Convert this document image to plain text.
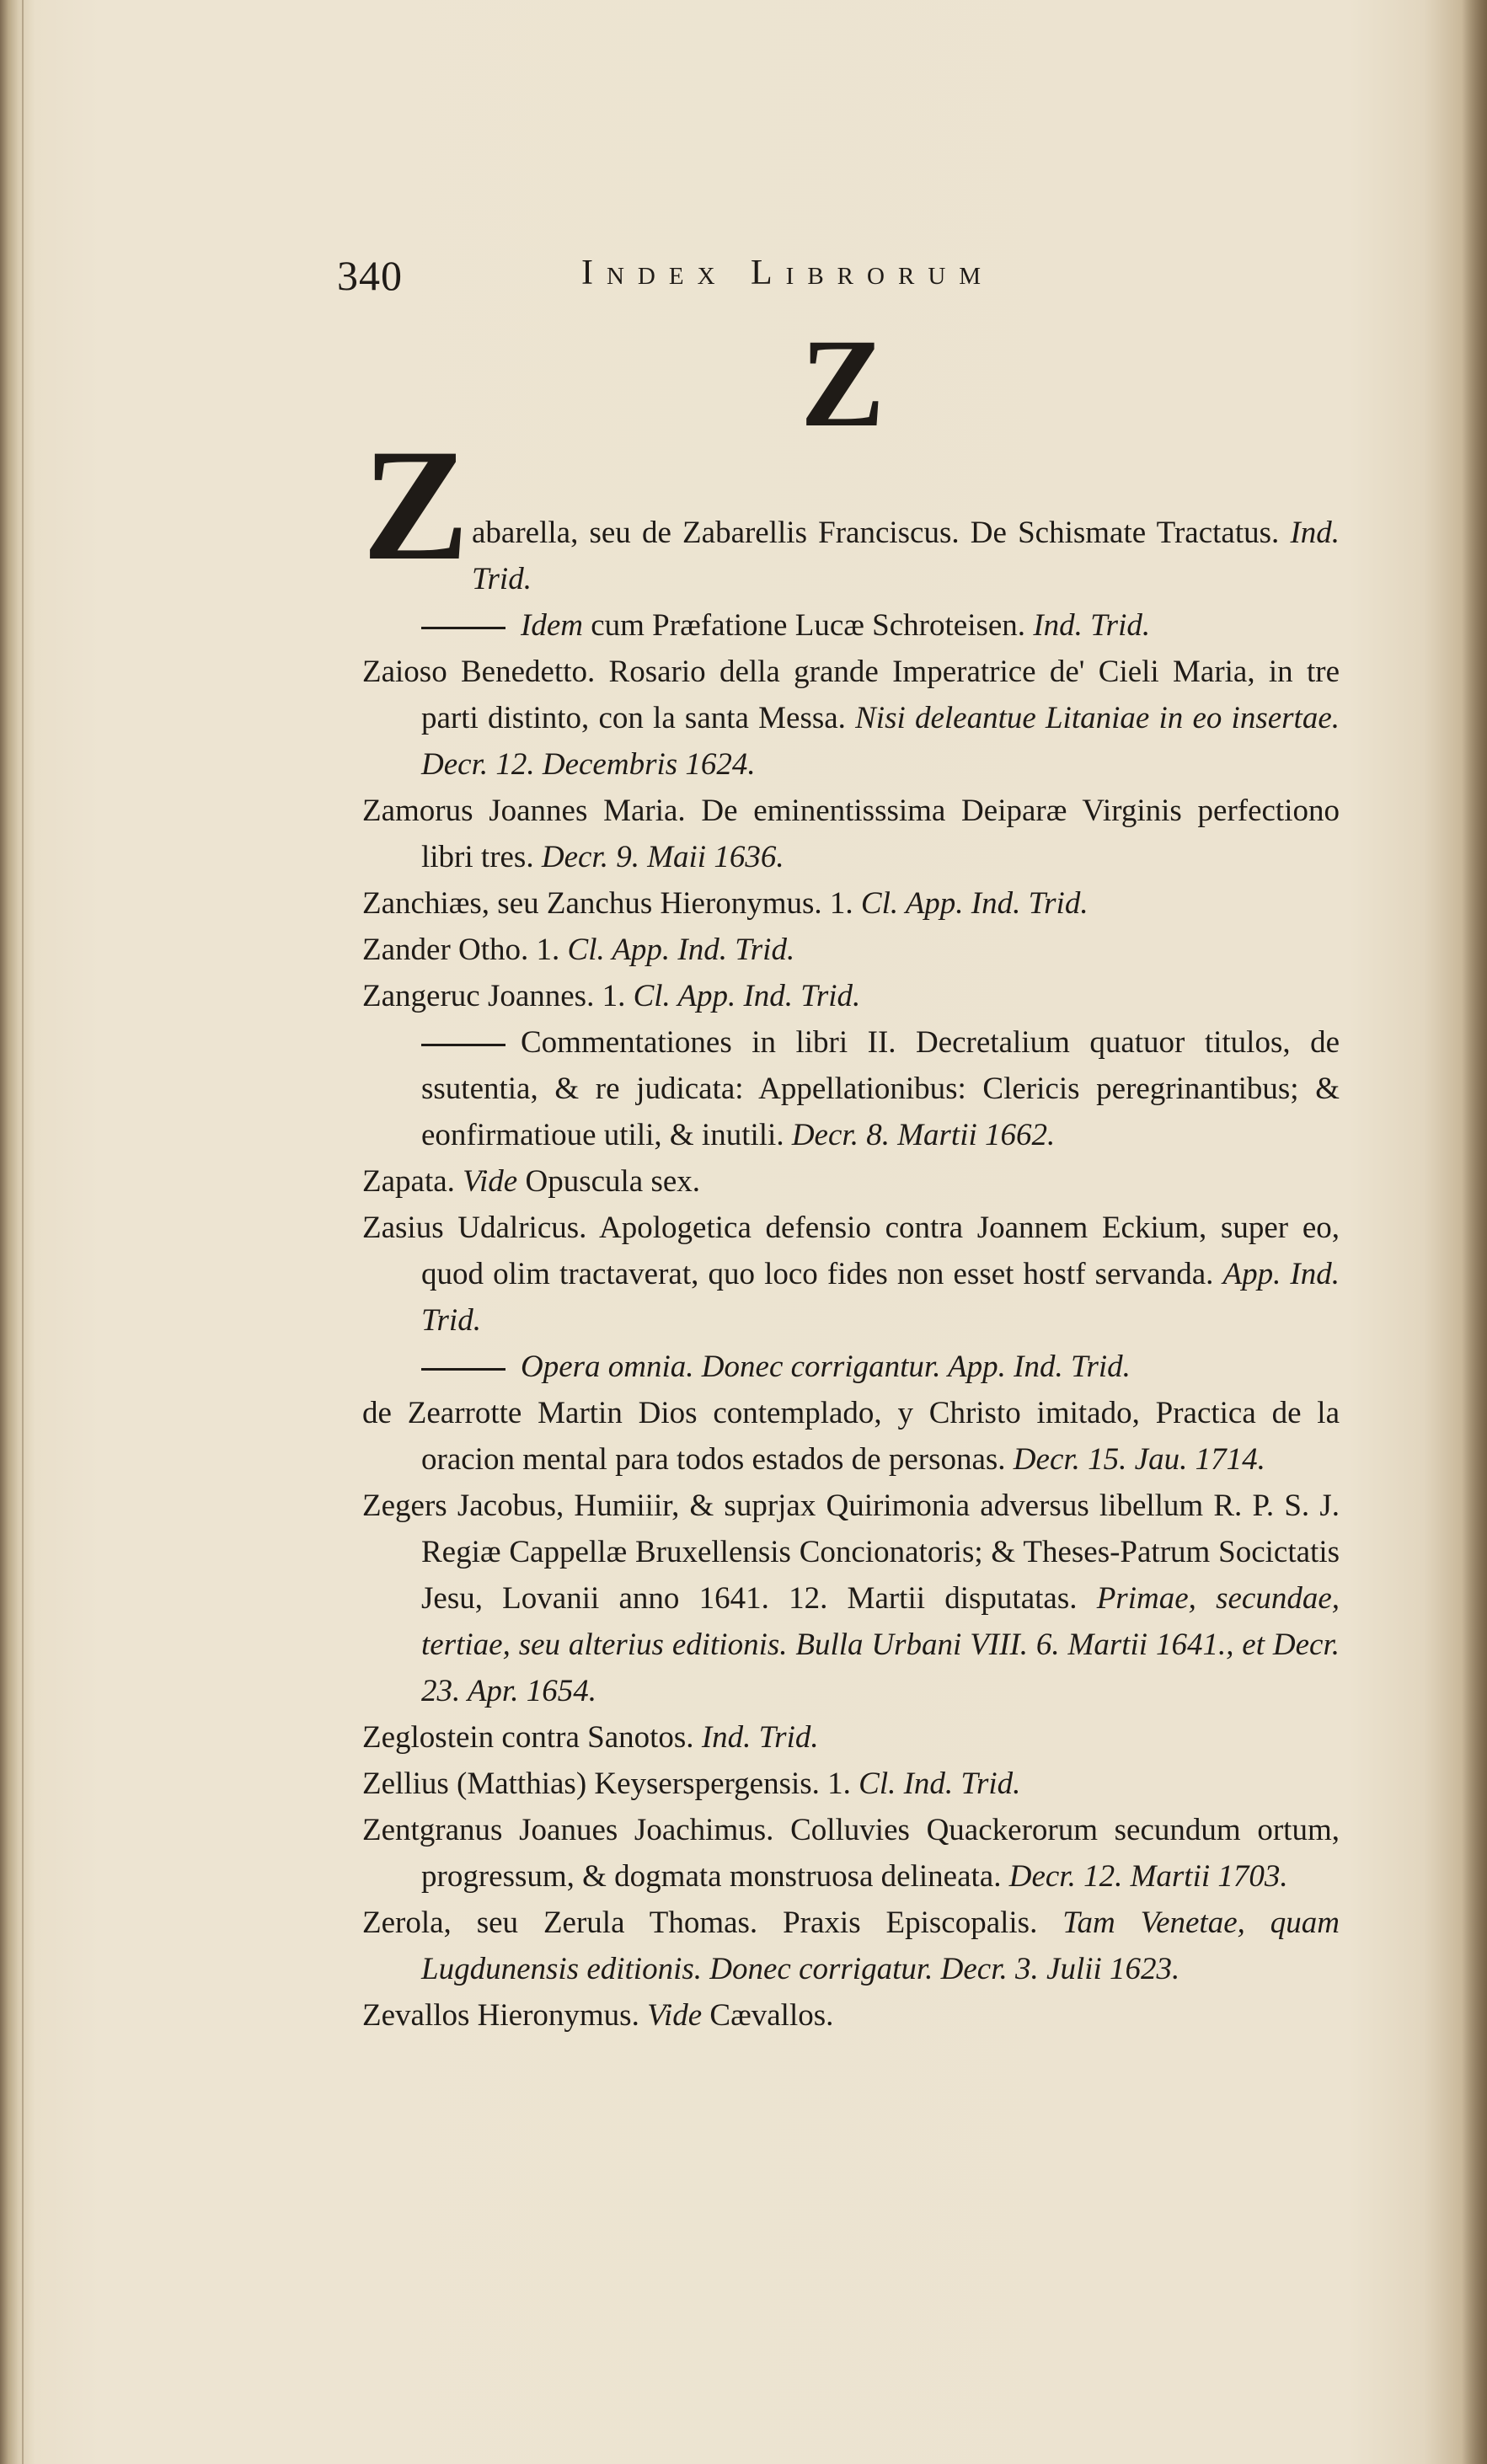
340	Index Librorum
Z
Z abarella, seu de Zabarellis Franciscus. De Schismate Tractatus. Ind. Trid.
Idem cum Præfatione Lucæ Schroteisen. Ind. Trid.
Zaioso Benedetto. Rosario della grande Imperatrice de' Cieli Maria, in tre parti distinto, con la santa Messa. Nisi deleantue Litaniae in eo insertae. Decr. 12. Decembris 1624.
Zamorus Joannes Maria. De eminentisssima Deiparæ Virginis perfectiono libri tres. Decr. 9. Maii 1636.
Zanchiæs, seu Zanchus Hieronymus. 1. Cl. App. Ind. Trid.
Zander Otho. 1. Cl. App. Ind. Trid.
Zangeruc Joannes. 1. Cl. App. Ind. Trid.
Commentationes in libri II. Decretalium quatuor titulos, de ssutentia, & re judicata: Appellationibus: Clericis peregrinantibus; & eonfirmatioue utili, & inutili. Decr. 8. Martii 1662.
Zapata. Vide Opuscula sex.
Zasius Udalricus. Apologetica defensio contra Joannem Eckium, super eo, quod olim tractaverat, quo loco fides non esset hostf servanda. App. Ind. Trid.
Opera omnia. Donec corrigantur. App. Ind. Trid.
de Zearrotte Martin Dios contemplado, y Christo imitado, Practica de la oracion mental para todos estados de personas. Decr. 15. Jau. 1714.
Zegers Jacobus, Humiiir, & suprjax Quirimonia adversus libellum R. P. S. J. Regiæ Cappellæ Bruxellensis Concionatoris; & Theses-Patrum Socictatis Jesu, Lovanii anno 1641. 12. Martii disputatas. Primae, secundae, tertiae, seu alterius editionis. Bulla Urbani VIII. 6. Martii 1641., et Decr. 23. Apr. 1654.
Zeglostein contra Sanotos. Ind. Trid.
Zellius (Matthias) Keyserspergensis. 1. Cl. Ind. Trid.
Zentgranus Joanues Joachimus. Colluvies Quackerorum secundum ortum, progressum, & dogmata monstruosa delineata. Decr. 12. Martii 1703.
Zerola, seu Zerula Thomas. Praxis Episcopalis. Tam Venetae, quam Lugdunensis editionis. Donec corrigatur. Decr. 3. Julii 1623.
Zevallos Hieronymus. Vide Cævallos.
